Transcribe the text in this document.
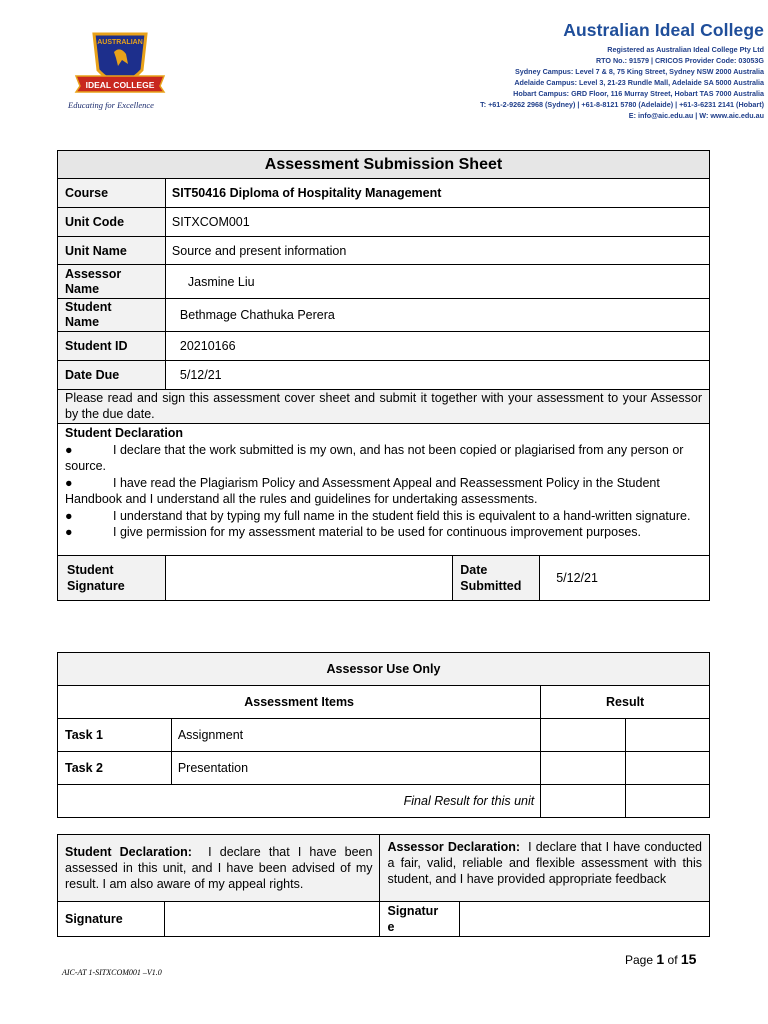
AUSTRALIAN
IDEAL COLLEGE
Educating for Excellence
Australian Ideal College
Registered as Australian Ideal College Pty Ltd
RTO No.: 91579 | CRICOS Provider Code: 03053G
Sydney Campus: Level 7 & 8, 75 King Street, Sydney NSW 2000 Australia
Adelaide Campus: Level 3, 21-23 Rundle Mall, Adelaide SA 5000 Australia
Hobart Campus: GRD Floor, 116 Murray Street, Hobart TAS 7000 Australia
T: +61-2-9262 2968 (Sydney) | +61-8-8121 5780 (Adelaide) | +61-3-6231 2141 (Hobart)
E: info@aic.edu.au | W: www.aic.edu.au
Assessment Submission Sheet			
Course	SIT50416 Diploma of Hospitality Management		
Unit Code	SITXCOM001		
Unit Name	Source and present information		
Assessor
Name	Jasmine Liu		
Student
Name	Bethmage Chathuka Perera		
Student ID	20210166		
Date Due	5/12/21		
Please read and sign this assessment cover sheet and submit it together with your assessment to your Assessor by the due date.			

Student Declaration
● I declare that the work submitted is my own, and has not been copied or plagiarised from any person or source.
● I have read the Plagiarism Policy and Assessment Appeal and Reassessment Policy in the Student Handbook and I understand all the rules and guidelines for undertaking assessments.
● I understand that by typing my full name in the student field this is equivalent to a hand-written signature.
● I give permission for my assessment material to be used for continuous improvement purposes.			

Student
Signature		Date
Submitted	5/12/21
Assessor Use Only			
Assessment Items		Result	
Task 1	Assignment		
Task 2	Presentation		
Final Result for this unit			
Student Declaration: I declare that I have been assessed in this unit, and I have been advised of my result. I am also aware of my appeal rights.		Assessor Declaration: I declare that I have conducted a fair, valid, reliable and flexible assessment with this student, and I have provided appropriate feedback	
Signature		Signatur
e	
Page 1 of 15
AIC-AT 1-SITXCOM001 –V1.0
